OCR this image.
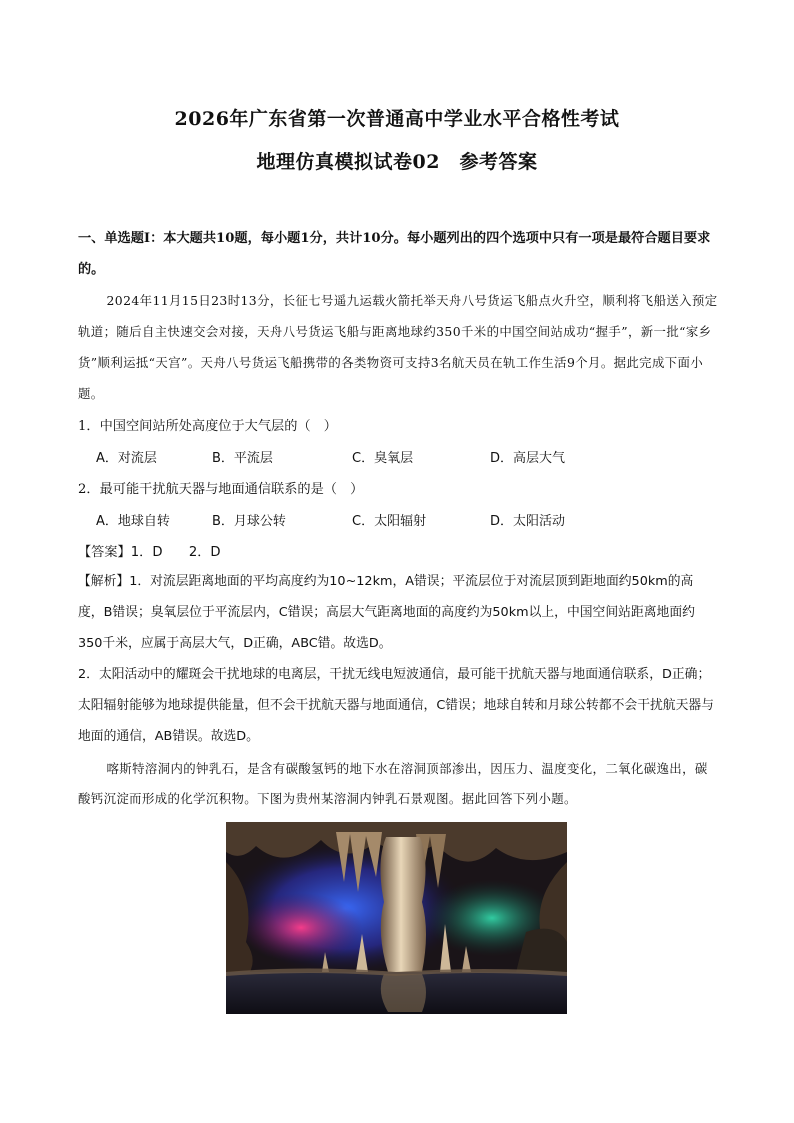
2026年广东省第一次普通高中学业水平合格性考试
地理仿真模拟试卷02　参考答案
一、单选题Ⅰ：本大题共10题，每小题1分，共计10分。每小题列出的四个选项中只有一项是最符合题目要求的。
2024年11月15日23时13分，长征七号遥九运载火箭托举天舟八号货运飞船点火升空，顺利将飞船送入预定轨道；随后自主快速交会对接，天舟八号货运飞船与距离地球约350千米的中国空间站成功“握手”，新一批“家乡货”顺利运抵“天宫”。天舟八号货运飞船携带的各类物资可支持3名航天员在轨工作生活9个月。据此完成下面小题。
1．中国空间站所处高度位于大气层的（　）
A．对流层	B．平流层	C．臭氧层	D．高层大气
2．最可能干扰航天器与地面通信联系的是（　）
A．地球自转	B．月球公转	C．太阳辐射	D．太阳活动
【答案】1．D　　2．D
【解析】1．对流层距离地面的平均高度约为10~12km，A错误；平流层位于对流层顶到距地面约50km的高度，B错误；臭氧层位于平流层内，C错误；高层大气距离地面的高度约为50km以上，中国空间站距离地面约350千米，应属于高层大气，D正确，ABC错。故选D。
2．太阳活动中的耀斑会干扰地球的电离层，干扰无线电短波通信，最可能干扰航天器与地面通信联系，D正确；太阳辐射能够为地球提供能量，但不会干扰航天器与地面通信，C错误；地球自转和月球公转都不会干扰航天器与地面的通信，AB错误。故选D。
喀斯特溶洞内的钟乳石，是含有碳酸氢钙的地下水在溶洞顶部渗出，因压力、温度变化，二氧化碳逸出，碳酸钙沉淀而形成的化学沉积物。下图为贵州某溶洞内钟乳石景观图。据此回答下列小题。
